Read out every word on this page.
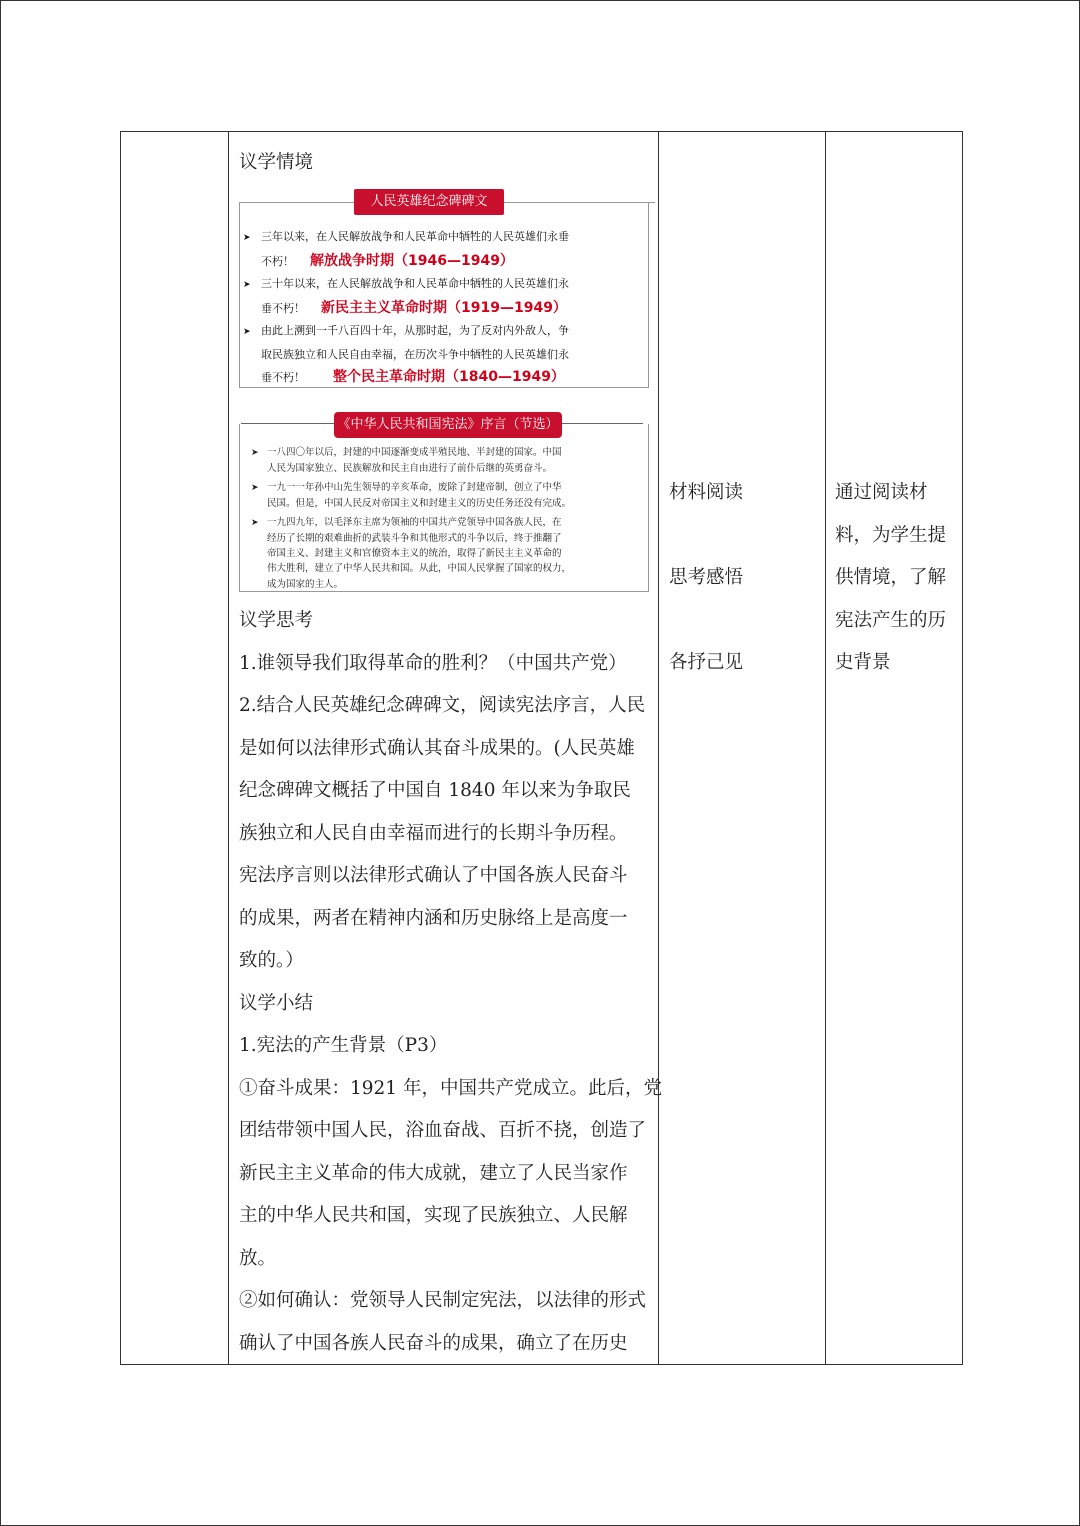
议学情境
人民英雄纪念碑碑文
➤ 三年以来，在人民解放战争和人民革命中牺牲的人民英雄们永垂
不朽！ 解放战争时期（1946—1949）
➤ 三十年以来，在人民解放战争和人民革命中牺牲的人民英雄们永
垂不朽！ 新民主主义革命时期（1919—1949）
➤ 由此上溯到一千八百四十年，从那时起，为了反对内外敌人，争
取民族独立和人民自由幸福，在历次斗争中牺牲的人民英雄们永
垂不朽！ 整个民主革命时期（1840—1949）
《中华人民共和国宪法》序言（节选）
➤ 一八四〇年以后，封建的中国逐渐变成半殖民地、半封建的国家。中国
人民为国家独立、民族解放和民主自由进行了前仆后继的英勇奋斗。
➤ 一九一一年孙中山先生领导的辛亥革命，废除了封建帝制，创立了中华
民国。但是，中国人民反对帝国主义和封建主义的历史任务还没有完成。
➤ 一九四九年，以毛泽东主席为领袖的中国共产党领导中国各族人民，在
经历了长期的艰难曲折的武装斗争和其他形式的斗争以后，终于推翻了
帝国主义、封建主义和官僚资本主义的统治，取得了新民主主义革命的
伟大胜利，建立了中华人民共和国。从此，中国人民掌握了国家的权力，
成为国家的主人。
议学思考
1.谁领导我们取得革命的胜利？（中国共产党）
2.结合人民英雄纪念碑碑文，阅读宪法序言，人民
是如何以法律形式确认其奋斗成果的。(人民英雄
纪念碑碑文概括了中国自 1840 年以来为争取民
族独立和人民自由幸福而进行的长期斗争历程。
宪法序言则以法律形式确认了中国各族人民奋斗
的成果，两者在精神内涵和历史脉络上是高度一
致的。）
议学小结
1.宪法的产生背景（P3）
①奋斗成果：1921 年，中国共产党成立。此后，党
团结带领中国人民，浴血奋战、百折不挠，创造了
新民主主义革命的伟大成就，建立了人民当家作
主的中华人民共和国，实现了民族独立、人民解
放。
②如何确认：党领导人民制定宪法，以法律的形式
确认了中国各族人民奋斗的成果，确立了在历史
材料阅读
思考感悟
各抒己见
通过阅读材
料，为学生提
供情境，了解
宪法产生的历
史背景
